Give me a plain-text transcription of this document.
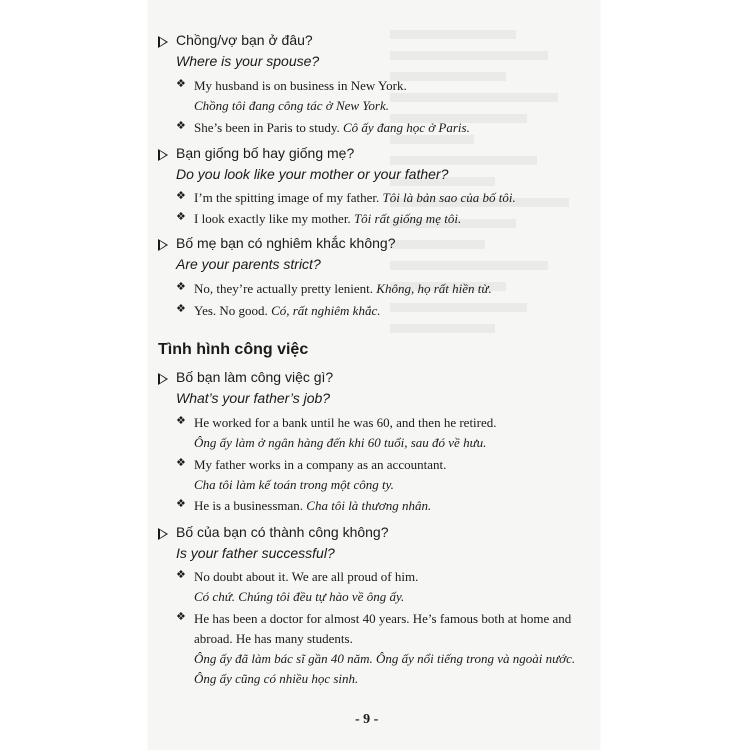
Chồng/vợ bạn ở đâu?
Where is your spouse?
❖ My husband is on business in New York.
Chồng tôi đang công tác ở New York.
❖ She’s been in Paris to study. Cô ấy đang học ở Paris.
Bạn giống bố hay giống mẹ?
Do you look like your mother or your father?
❖ I’m the spitting image of my father. Tôi là bản sao của bố tôi.
❖ I look exactly like my mother. Tôi rất giống mẹ tôi.
Bố mẹ bạn có nghiêm khắc không?
Are your parents strict?
❖ No, they’re actually pretty lenient. Không, họ rất hiền từ.
❖ Yes. No good. Có, rất nghiêm khắc.
Tình hình công việc
Bố bạn làm công việc gì?
What’s your father’s job?
❖ He worked for a bank until he was 60, and then he retired.
Ông ấy làm ở ngân hàng đến khi 60 tuổi, sau đó về hưu.
❖ My father works in a company as an accountant.
Cha tôi làm kế toán trong một công ty.
❖ He is a businessman. Cha tôi là thương nhân.
Bố của bạn có thành công không?
Is your father successful?
❖ No doubt about it. We are all proud of him.
Có chứ. Chúng tôi đều tự hào về ông ấy.
❖ He has been a doctor for almost 40 years. He’s famous both at home and abroad. He has many students.
Ông ấy đã làm bác sĩ gần 40 năm. Ông ấy nổi tiếng trong và ngoài nước. Ông ấy cũng có nhiều học sinh.
- 9 -
